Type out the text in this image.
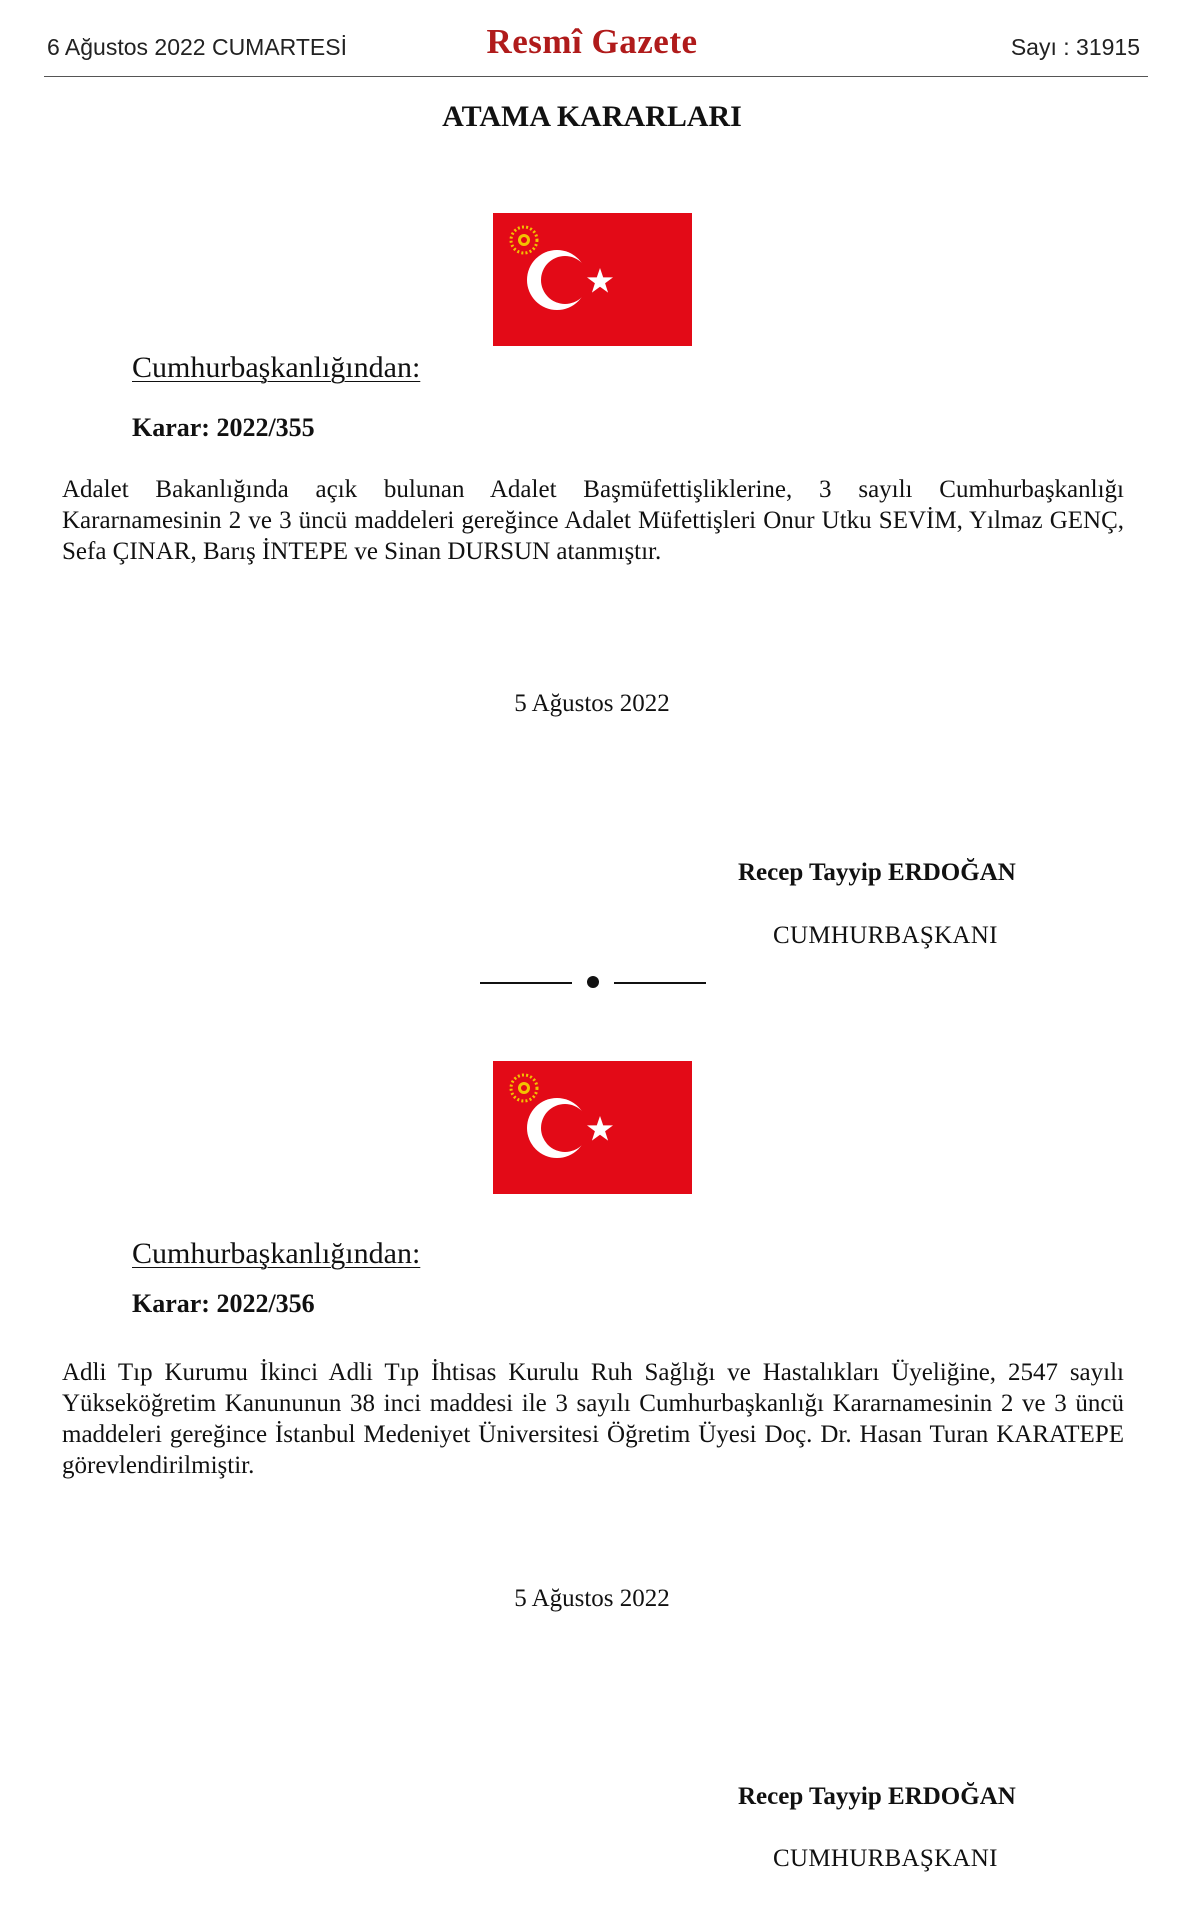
6 Ağustos 2022 CUMARTESİ	Resmî Gazete	Sayı : 31915
ATAMA KARARLARI
Cumhurbaşkanlığından:
Karar: 2022/355
Adalet Bakanlığında açık bulunan Adalet Başmüfettişliklerine, 3 sayılı Cumhurbaşkanlığı Kararnamesinin 2 ve 3 üncü maddeleri gereğince Adalet Müfettişleri Onur Utku SEVİM, Yılmaz GENÇ, Sefa ÇINAR, Barış İNTEPE ve Sinan DURSUN atanmıştır.
5 Ağustos 2022
Recep Tayyip ERDOĞAN
CUMHURBAŞKANI
Cumhurbaşkanlığından:
Karar: 2022/356
Adli Tıp Kurumu İkinci Adli Tıp İhtisas Kurulu Ruh Sağlığı ve Hastalıkları Üyeliğine, 2547 sayılı Yükseköğretim Kanununun 38 inci maddesi ile 3 sayılı Cumhurbaşkanlığı Kararnamesinin 2 ve 3 üncü maddeleri gereğince İstanbul Medeniyet Üniversitesi Öğretim Üyesi Doç. Dr. Hasan Turan KARATEPE görevlendirilmiştir.
5 Ağustos 2022
Recep Tayyip ERDOĞAN
CUMHURBAŞKANI
